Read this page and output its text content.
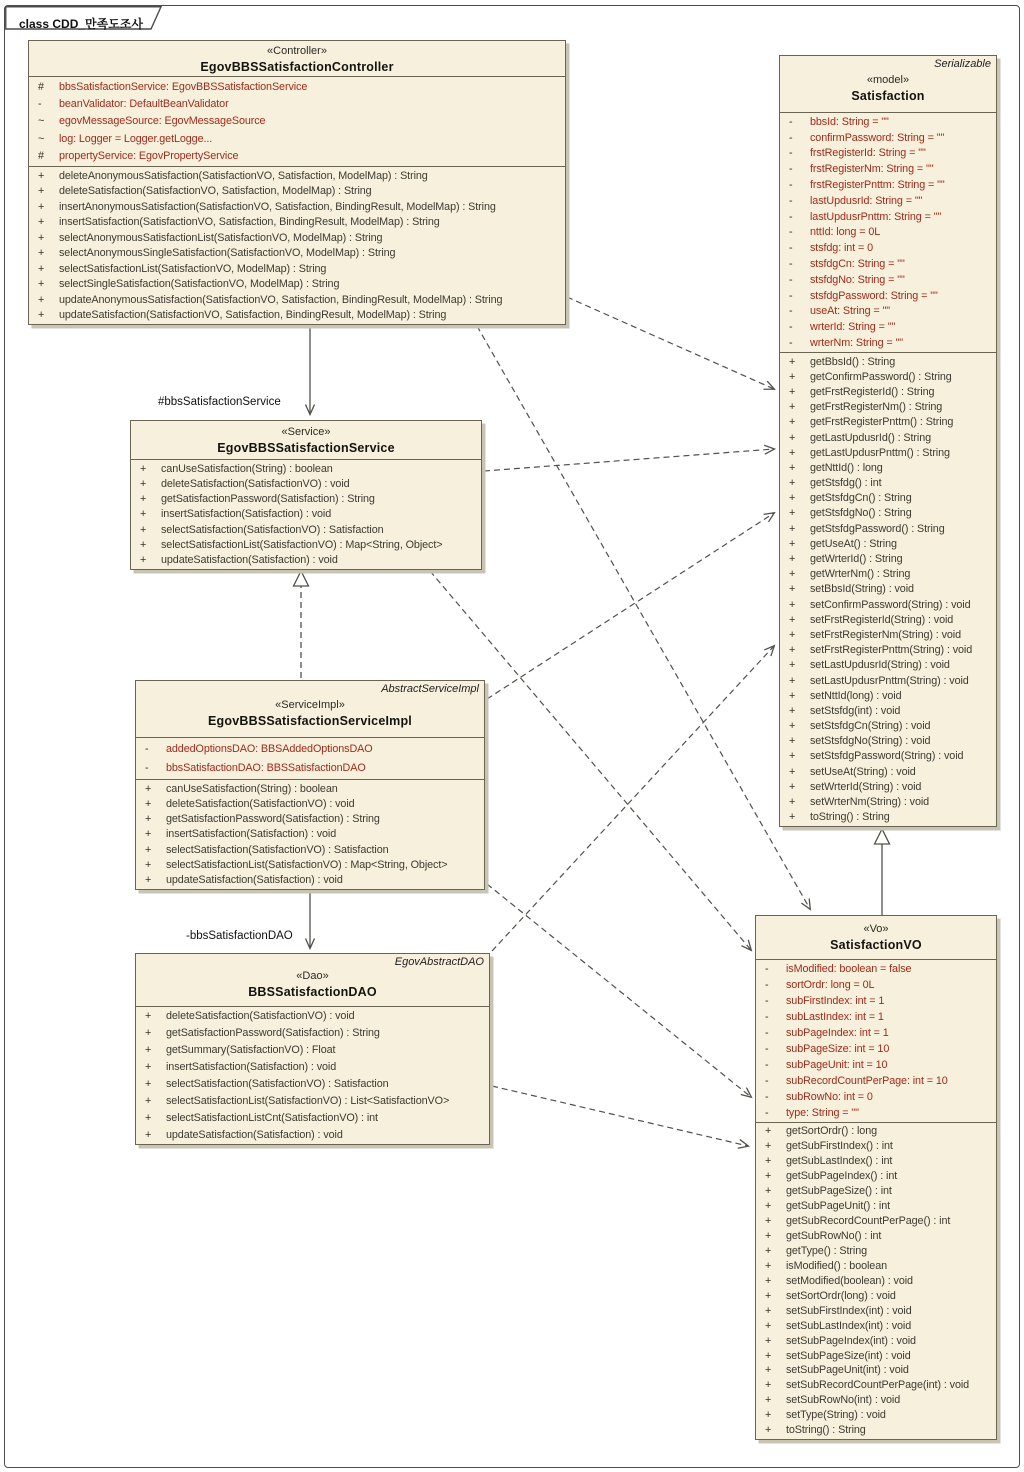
class CDD_만족도조사
#bbsSatisfactionService
-bbsSatisfactionDAO
«Controller»
EgovBBSSatisfactionController
#	bbsSatisfactionService: EgovBBSSatisfactionService
-	beanValidator: DefaultBeanValidator
~	egovMessageSource: EgovMessageSource
~	log: Logger = Logger.getLogge...
#	propertyService: EgovPropertyService
+	deleteAnonymousSatisfaction(SatisfactionVO, Satisfaction, ModelMap) : String
+	deleteSatisfaction(SatisfactionVO, Satisfaction, ModelMap) : String
+	insertAnonymousSatisfaction(SatisfactionVO, Satisfaction, BindingResult, ModelMap) : String
+	insertSatisfaction(SatisfactionVO, Satisfaction, BindingResult, ModelMap) : String
+	selectAnonymousSatisfactionList(SatisfactionVO, ModelMap) : String
+	selectAnonymousSingleSatisfaction(SatisfactionVO, ModelMap) : String
+	selectSatisfactionList(SatisfactionVO, ModelMap) : String
+	selectSingleSatisfaction(SatisfactionVO, ModelMap) : String
+	updateAnonymousSatisfaction(SatisfactionVO, Satisfaction, BindingResult, ModelMap) : String
+	updateSatisfaction(SatisfactionVO, Satisfaction, BindingResult, ModelMap) : String
Serializable
«model»
Satisfaction
-	bbsId: String = ""
-	confirmPassword: String = ""
-	frstRegisterId: String = ""
-	frstRegisterNm: String = ""
-	frstRegisterPnttm: String = ""
-	lastUpdusrId: String = ""
-	lastUpdusrPnttm: String = ""
-	nttId: long = 0L
-	stsfdg: int = 0
-	stsfdgCn: String = ""
-	stsfdgNo: String = ""
-	stsfdgPassword: String = ""
-	useAt: String = ""
-	wrterId: String = ""
-	wrterNm: String = ""
+	getBbsId() : String
+	getConfirmPassword() : String
+	getFrstRegisterId() : String
+	getFrstRegisterNm() : String
+	getFrstRegisterPnttm() : String
+	getLastUpdusrId() : String
+	getLastUpdusrPnttm() : String
+	getNttId() : long
+	getStsfdg() : int
+	getStsfdgCn() : String
+	getStsfdgNo() : String
+	getStsfdgPassword() : String
+	getUseAt() : String
+	getWrterId() : String
+	getWrterNm() : String
+	setBbsId(String) : void
+	setConfirmPassword(String) : void
+	setFrstRegisterId(String) : void
+	setFrstRegisterNm(String) : void
+	setFrstRegisterPnttm(String) : void
+	setLastUpdusrId(String) : void
+	setLastUpdusrPnttm(String) : void
+	setNttId(long) : void
+	setStsfdg(int) : void
+	setStsfdgCn(String) : void
+	setStsfdgNo(String) : void
+	setStsfdgPassword(String) : void
+	setUseAt(String) : void
+	setWrterId(String) : void
+	setWrterNm(String) : void
+	toString() : String
«Service»
EgovBBSSatisfactionService
+	canUseSatisfaction(String) : boolean
+	deleteSatisfaction(SatisfactionVO) : void
+	getSatisfactionPassword(Satisfaction) : String
+	insertSatisfaction(Satisfaction) : void
+	selectSatisfaction(SatisfactionVO) : Satisfaction
+	selectSatisfactionList(SatisfactionVO) : Map<String, Object>
+	updateSatisfaction(Satisfaction) : void
AbstractServiceImpl
«ServiceImpl»
EgovBBSSatisfactionServiceImpl
-	addedOptionsDAO: BBSAddedOptionsDAO
-	bbsSatisfactionDAO: BBSSatisfactionDAO
+	canUseSatisfaction(String) : boolean
+	deleteSatisfaction(SatisfactionVO) : void
+	getSatisfactionPassword(Satisfaction) : String
+	insertSatisfaction(Satisfaction) : void
+	selectSatisfaction(SatisfactionVO) : Satisfaction
+	selectSatisfactionList(SatisfactionVO) : Map<String, Object>
+	updateSatisfaction(Satisfaction) : void
EgovAbstractDAO
«Dao»
BBSSatisfactionDAO
+	deleteSatisfaction(SatisfactionVO) : void
+	getSatisfactionPassword(Satisfaction) : String
+	getSummary(SatisfactionVO) : Float
+	insertSatisfaction(Satisfaction) : void
+	selectSatisfaction(SatisfactionVO) : Satisfaction
+	selectSatisfactionList(SatisfactionVO) : List<SatisfactionVO>
+	selectSatisfactionListCnt(SatisfactionVO) : int
+	updateSatisfaction(Satisfaction) : void
«Vo»
SatisfactionVO
-	isModified: boolean = false
-	sortOrdr: long = 0L
-	subFirstIndex: int = 1
-	subLastIndex: int = 1
-	subPageIndex: int = 1
-	subPageSize: int = 10
-	subPageUnit: int = 10
-	subRecordCountPerPage: int = 10
-	subRowNo: int = 0
-	type: String = ""
+	getSortOrdr() : long
+	getSubFirstIndex() : int
+	getSubLastIndex() : int
+	getSubPageIndex() : int
+	getSubPageSize() : int
+	getSubPageUnit() : int
+	getSubRecordCountPerPage() : int
+	getSubRowNo() : int
+	getType() : String
+	isModified() : boolean
+	setModified(boolean) : void
+	setSortOrdr(long) : void
+	setSubFirstIndex(int) : void
+	setSubLastIndex(int) : void
+	setSubPageIndex(int) : void
+	setSubPageSize(int) : void
+	setSubPageUnit(int) : void
+	setSubRecordCountPerPage(int) : void
+	setSubRowNo(int) : void
+	setType(String) : void
+	toString() : String
